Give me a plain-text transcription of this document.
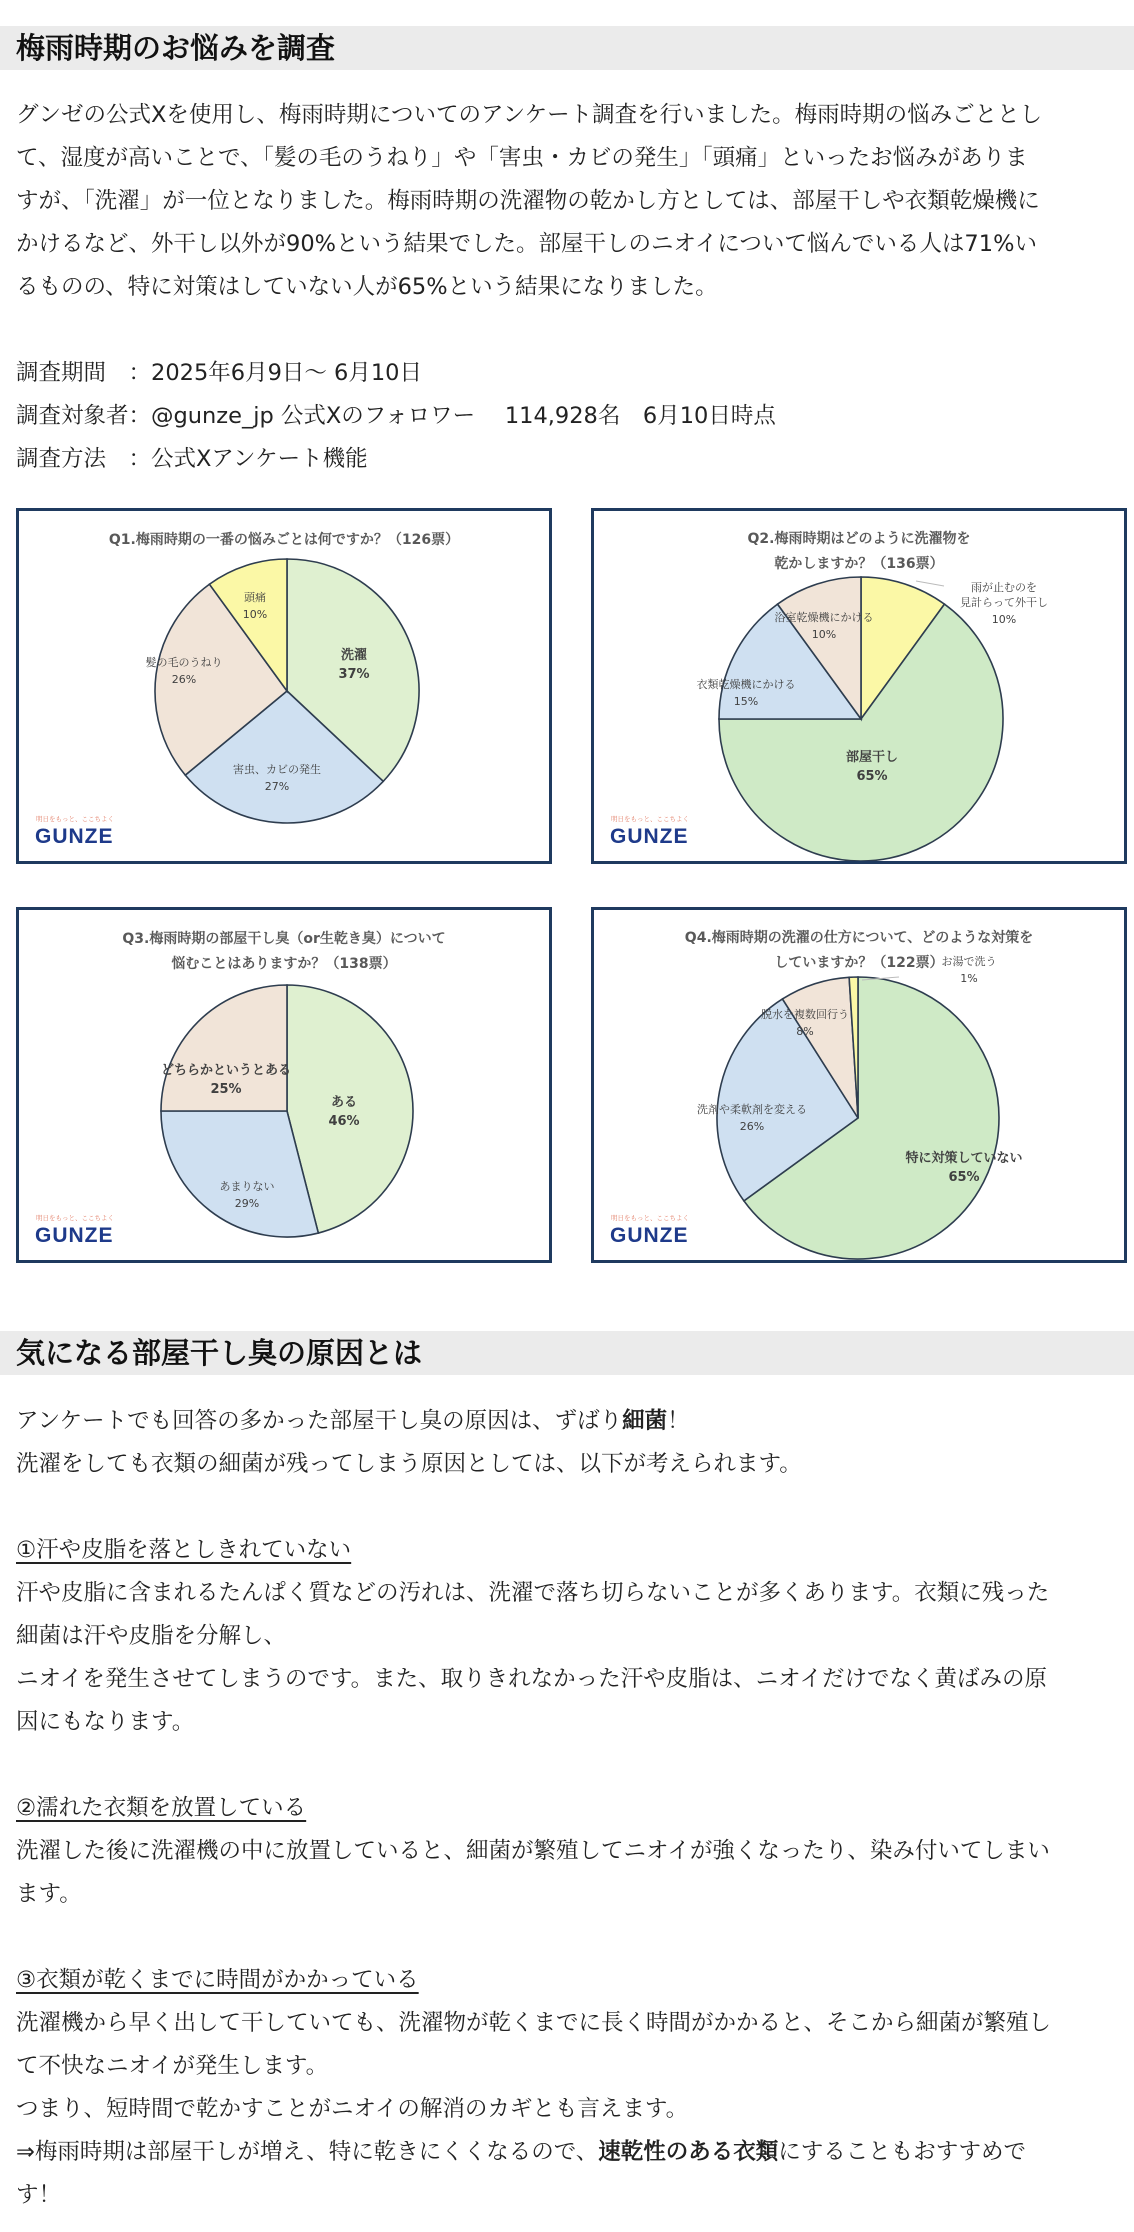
梅雨時期のお悩みを調査

グンゼの公式Xを使用し、梅雨時期についてのアンケート調査を行いました。梅雨時期の悩みごととし

て、湿度が高いことで、「髪の毛のうねり」や「害虫・カビの発生」「頭痛」といったお悩みがありま

すが、「洗濯」が一位となりました。梅雨時期の洗濯物の乾かし方としては、部屋干しや衣類乾燥機に

かけるなど、外干し以外が90%という結果でした。部屋干しのニオイについて悩んでいる人は71%い

るものの、特に対策はしていない人が65%という結果になりました。

調査期間　：2025年6月9日～ 6月10日

調査対象者：@gunze_jp 公式Xのフォロワー　 114,928名　6月10日時点

調査方法　：公式Xアンケート機能

Q1.梅雨時期の一番の悩みごとは何ですか？（126票）
洗濯 37%
害虫、カビの発生 27%
髪の毛のうねり 26%
頭痛 10%
明日をもっと、ここちよく
GUNZE
Q2.梅雨時期はどのように洗濯物を
乾かしますか？（136票）
雨が止むのを見計らって外干し 10%
部屋干し 65%
衣類乾燥機にかける 15%
浴室乾燥機にかける 10%
明日をもっと、ここちよく
GUNZE
Q3.梅雨時期の部屋干し臭（or生乾き臭）について
悩むことはありますか？（138票）
ある 46%
あまりない 29%
どちらかというとある 25%
明日をもっと、ここちよく
GUNZE
Q4.梅雨時期の洗濯の仕方について、どのような対策を
していますか？（122票）
特に対策していない 65%
洗剤や柔軟剤を変える 26%
脱水を複数回行う 8%
お湯で洗う 1%
明日をもっと、ここちよく
GUNZE
気になる部屋干し臭の原因とは

アンケートでも回答の多かった部屋干し臭の原因は、ずばり細菌！

洗濯をしても衣類の細菌が残ってしまう原因としては、以下が考えられます。

①汗や皮脂を落としきれていない

汗や皮脂に含まれるたんぱく質などの汚れは、洗濯で落ち切らないことが多くあります。衣類に残った

細菌は汗や皮脂を分解し、

ニオイを発生させてしまうのです。また、取りきれなかった汗や皮脂は、ニオイだけでなく黄ばみの原

因にもなります。

②濡れた衣類を放置している

洗濯した後に洗濯機の中に放置していると、細菌が繁殖してニオイが強くなったり、染み付いてしまい

ます。

③衣類が乾くまでに時間がかかっている

洗濯機から早く出して干していても、洗濯物が乾くまでに長く時間がかかると、そこから細菌が繁殖し

て不快なニオイが発生します。

つまり、短時間で乾かすことがニオイの解消のカギとも言えます。

⇒梅雨時期は部屋干しが増え、特に乾きにくくなるので、速乾性のある衣類にすることもおすすめで

す！
